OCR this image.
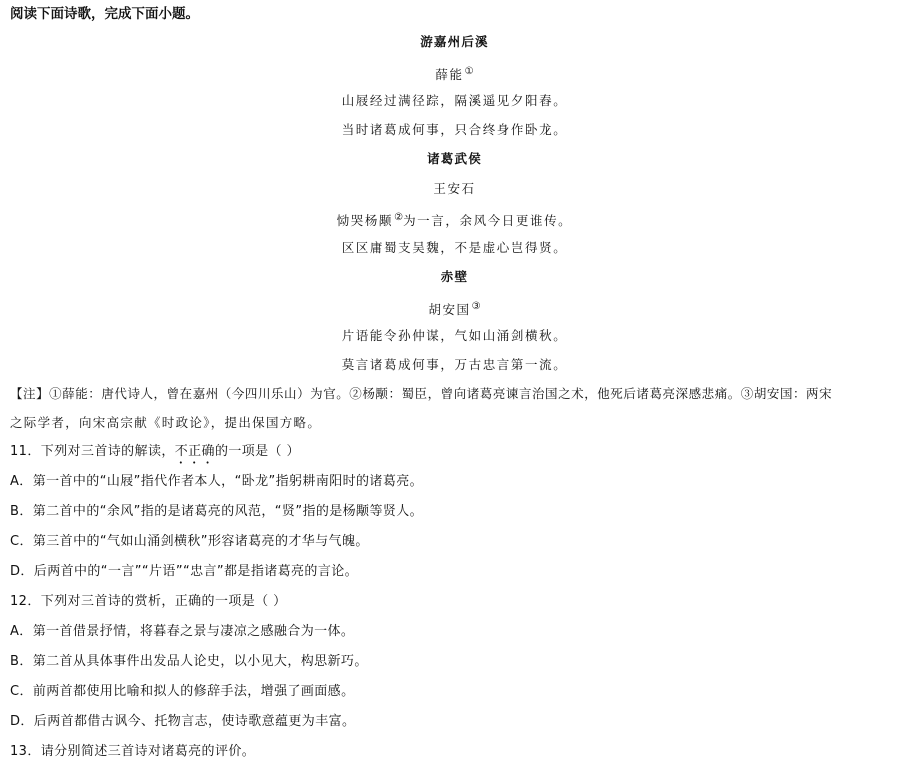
阅读下面诗歌，完成下面小题。
游嘉州后溪
薛能①
山屐经过满径踪，隔溪遥见夕阳舂。
当时诸葛成何事，只合终身作卧龙。
诸葛武侯
王安石
恸哭杨颙②为一言，余风今日更谁传。
区区庸蜀支吴魏，不是虚心岂得贤。
赤壁
胡安国③
片语能令孙仲谋，气如山涌剑横秋。
莫言诸葛成何事，万古忠言第一流。
【注】①薛能：唐代诗人，曾在嘉州（今四川乐山）为官。②杨颙：蜀臣，曾向诸葛亮谏言治国之术，他死后诸葛亮深感悲痛。③胡安国：两宋
之际学者，向宋高宗献《时政论》，提出保国方略。
11．下列对三首诗的解读，不正确的一项是（ ）
A．第一首中的“山屐”指代作者本人，“卧龙”指躬耕南阳时的诸葛亮。
B．第二首中的“余风”指的是诸葛亮的风范，“贤”指的是杨颙等贤人。
C．第三首中的“气如山涌剑横秋”形容诸葛亮的才华与气魄。
D．后两首中的“一言”“片语”“忠言”都是指诸葛亮的言论。
12．下列对三首诗的赏析，正确的一项是（ ）
A．第一首借景抒情，将暮春之景与凄凉之感融合为一体。
B．第二首从具体事件出发品人论史，以小见大，构思新巧。
C．前两首都使用比喻和拟人的修辞手法，增强了画面感。
D．后两首都借古讽今、托物言志，使诗歌意蕴更为丰富。
13．请分别简述三首诗对诸葛亮的评价。
